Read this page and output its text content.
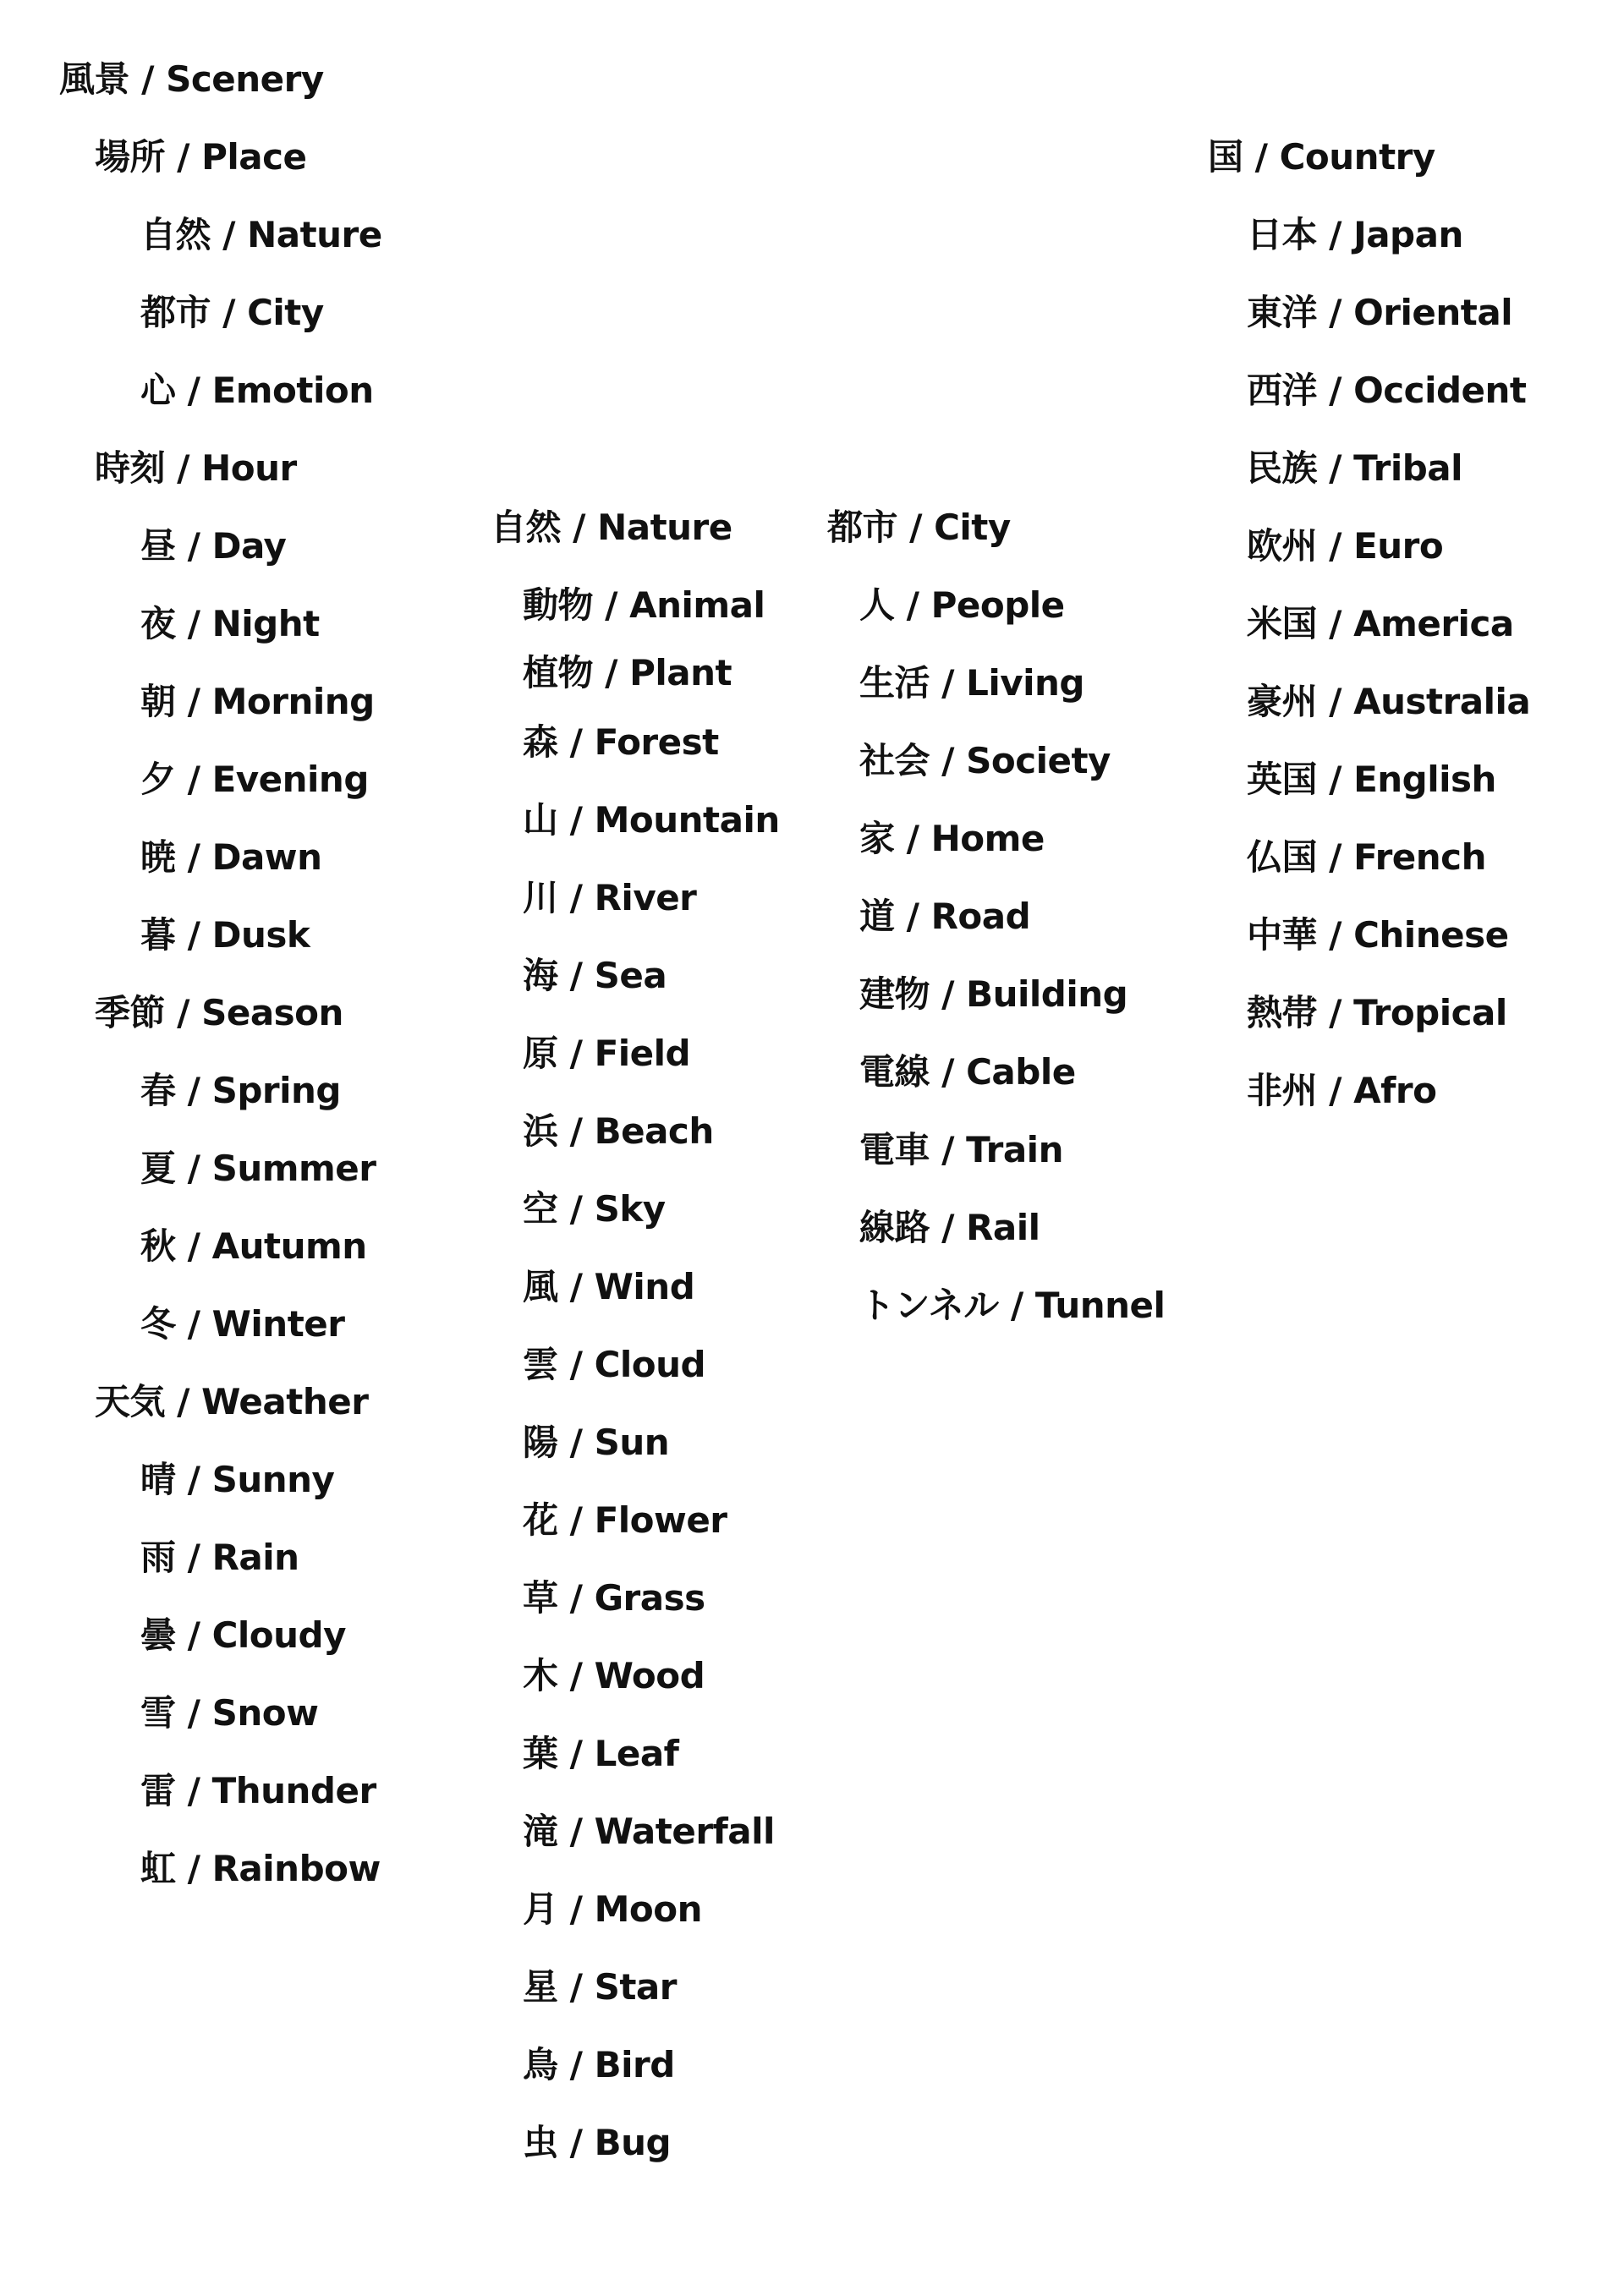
風景 / Scenery
場所 / Place
自然 / Nature
都市 / City
心 / Emotion
時刻 / Hour
昼 / Day
夜 / Night
朝 / Morning
夕 / Evening
暁 / Dawn
暮 / Dusk
季節 / Season
春 / Spring
夏 / Summer
秋 / Autumn
冬 / Winter
天気 / Weather
晴 / Sunny
雨 / Rain
曇 / Cloudy
雪 / Snow
雷 / Thunder
虹 / Rainbow
自然 / Nature
動物 / Animal
植物 / Plant
森 / Forest
山 / Mountain
川 / River
海 / Sea
原 / Field
浜 / Beach
空 / Sky
風 / Wind
雲 / Cloud
陽 / Sun
花 / Flower
草 / Grass
木 / Wood
葉 / Leaf
滝 / Waterfall
月 / Moon
星 / Star
鳥 / Bird
虫 / Bug
都市 / City
人 / People
生活 / Living
社会 / Society
家 / Home
道 / Road
建物 / Building
電線 / Cable
電車 / Train
線路 / Rail
トンネル / Tunnel
国 / Country
日本 / Japan
東洋 / Oriental
西洋 / Occident
民族 / Tribal
欧州 / Euro
米国 / America
豪州 / Australia
英国 / English
仏国 / French
中華 / Chinese
熱帯 / Tropical
非州 / Afro
